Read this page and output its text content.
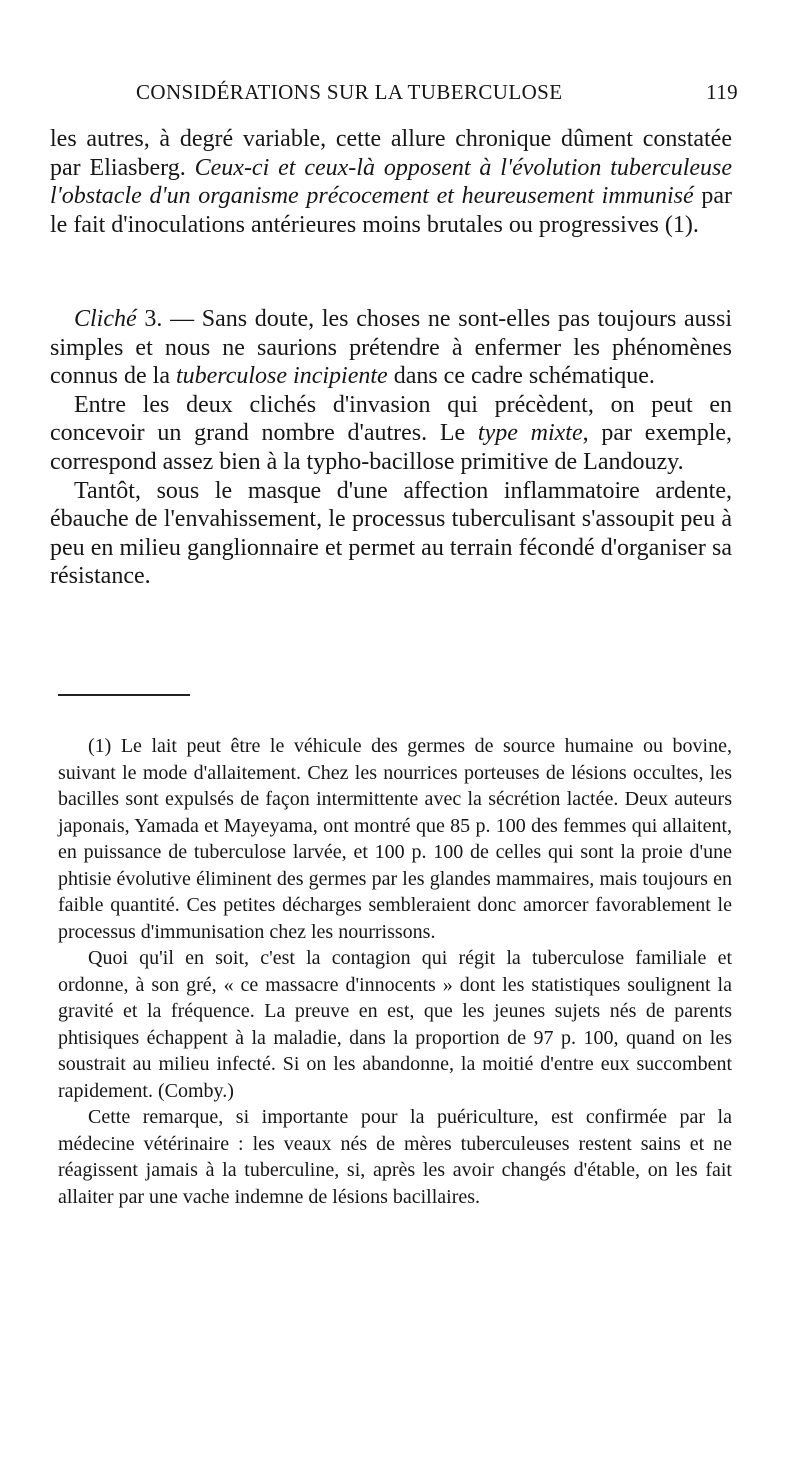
CONSIDÉRATIONS SUR LA TUBERCULOSE	119

les autres, à degré variable, cette allure chronique dûment constatée par Eliasberg. Ceux-ci et ceux-là opposent à l'évolution tuberculeuse l'obstacle d'un organisme précocement et heureusement immunisé par le fait d'inoculations antérieures moins brutales ou progressives (1).

Cliché 3. — Sans doute, les choses ne sont-elles pas toujours aussi simples et nous ne saurions prétendre à enfermer les phénomènes connus de la tuberculose incipiente dans ce cadre schématique.

Entre les deux clichés d'invasion qui précèdent, on peut en concevoir un grand nombre d'autres. Le type mixte, par exemple, correspond assez bien à la typho-bacillose primitive de Landouzy.

Tantôt, sous le masque d'une affection inflammatoire ardente, ébauche de l'envahissement, le processus tuberculisant s'assoupit peu à peu en milieu ganglionnaire et permet au terrain fécondé d'organiser sa résistance.

(1) Le lait peut être le véhicule des germes de source humaine ou bovine, suivant le mode d'allaitement. Chez les nourrices porteuses de lésions occultes, les bacilles sont expulsés de façon intermittente avec la sécrétion lactée. Deux auteurs japonais, Yamada et Mayeyama, ont montré que 85 p. 100 des femmes qui allaitent, en puissance de tuberculose larvée, et 100 p. 100 de celles qui sont la proie d'une phtisie évolutive éliminent des germes par les glandes mammaires, mais toujours en faible quantité. Ces petites décharges sembleraient donc amorcer favorablement le processus d'immunisation chez les nourrissons.

Quoi qu'il en soit, c'est la contagion qui régit la tuberculose familiale et ordonne, à son gré, « ce massacre d'innocents » dont les statistiques soulignent la gravité et la fréquence. La preuve en est, que les jeunes sujets nés de parents phtisiques échappent à la maladie, dans la proportion de 97 p. 100, quand on les soustrait au milieu infecté. Si on les abandonne, la moitié d'entre eux succombent rapidement. (Comby.)

Cette remarque, si importante pour la puériculture, est confirmée par la médecine vétérinaire : les veaux nés de mères tuberculeuses restent sains et ne réagissent jamais à la tuberculine, si, après les avoir changés d'étable, on les fait allaiter par une vache indemne de lésions bacillaires.
